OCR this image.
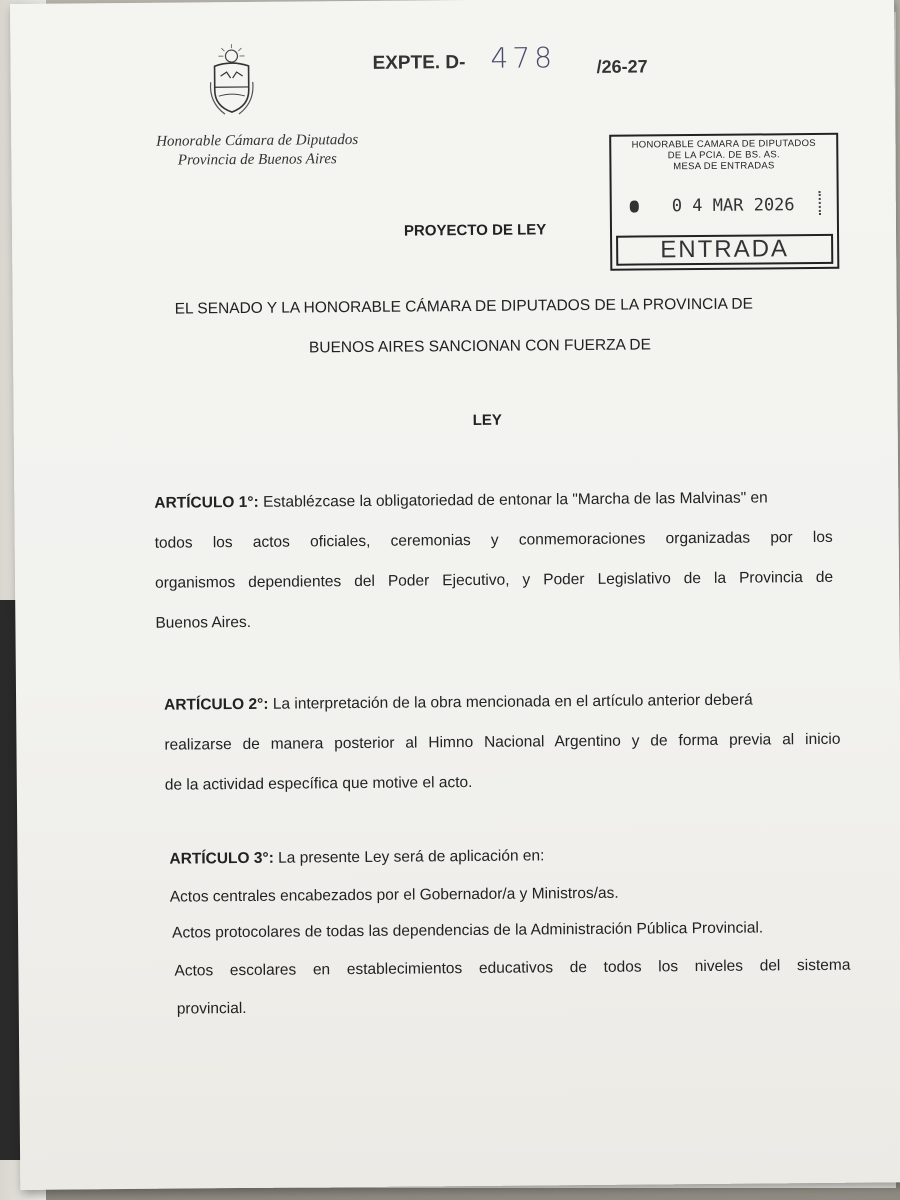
Honorable Cámara de Diputados
Provincia de Buenos Aires
EXPTE. D- 478 /26-27
HONORABLE CAMARA DE DIPUTADOS
DE LA PCIA. DE BS. AS.
MESA DE ENTRADAS
0 4 MAR 2026
ENTRADA
PROYECTO DE LEY
EL SENADO Y LA HONORABLE CÁMARA DE DIPUTADOS DE LA PROVINCIA DE
BUENOS AIRES SANCIONAN CON FUERZA DE
LEY
ARTÍCULO 1°: Establézcase la obligatoriedad de entonar la "Marcha de las Malvinas" en
todos los actos oficiales, ceremonias y conmemoraciones organizadas por los
organismos dependientes del Poder Ejecutivo, y Poder Legislativo de la Provincia de
Buenos Aires.
ARTÍCULO 2°: La interpretación de la obra mencionada en el artículo anterior deberá
realizarse de manera posterior al Himno Nacional Argentino y de forma previa al inicio
de la actividad específica que motive el acto.
ARTÍCULO 3°: La presente Ley será de aplicación en:
Actos centrales encabezados por el Gobernador/a y Ministros/as.
Actos protocolares de todas las dependencias de la Administración Pública Provincial.
Actos escolares en establecimientos educativos de todos los niveles del sistema
provincial.
